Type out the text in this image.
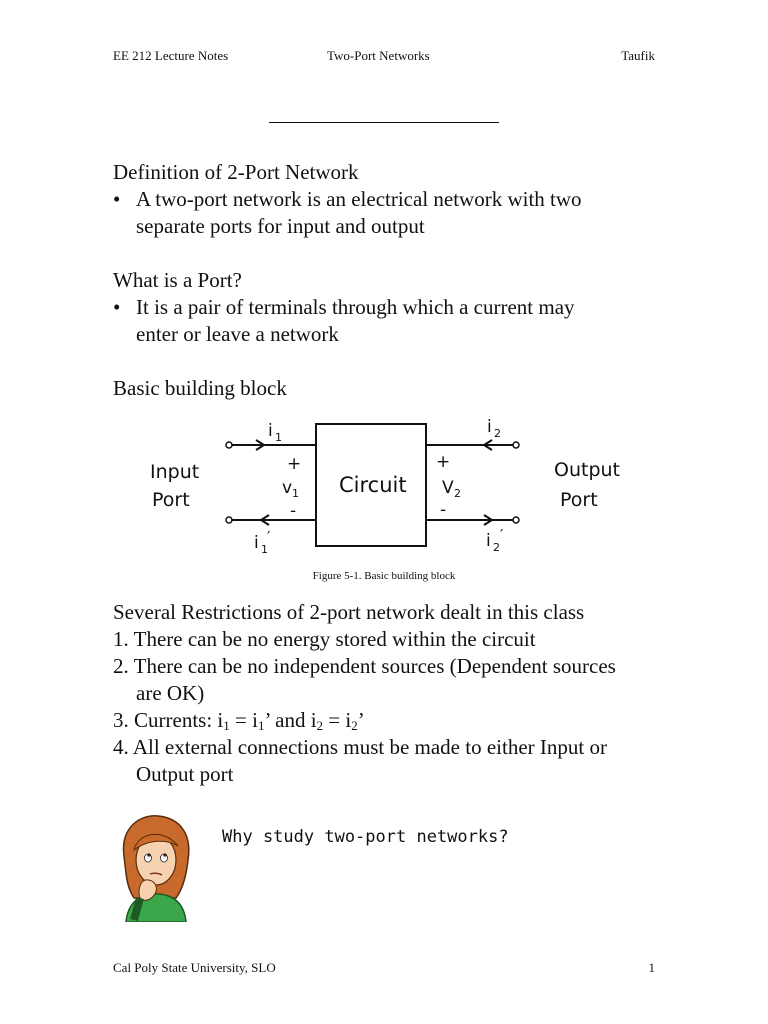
EE 212 Lecture Notes	Two-Port Networks	Taufik
Definition of 2-Port Network
• A two-port network is an electrical network with two
separate ports for input and output
What is a Port?
• It is a pair of terminals through which a current may
enter or leave a network
Basic building block
Input
Port
Output
Port
Circuit
i 1
+
v 1
-
i 1
′
i 2
+
V 2
-
i 2
′
Figure 5-1. Basic building block
Several Restrictions of 2-port network dealt in this class
1. There can be no energy stored within the circuit
2. There can be no independent sources (Dependent sources
are OK)
3. Currents: $i_1 = i_1$’ and $i_2 = i_2$’
4. All external connections must be made to either Input or
Output port
Why study two-port networks?
Cal Poly State University, SLO	1
